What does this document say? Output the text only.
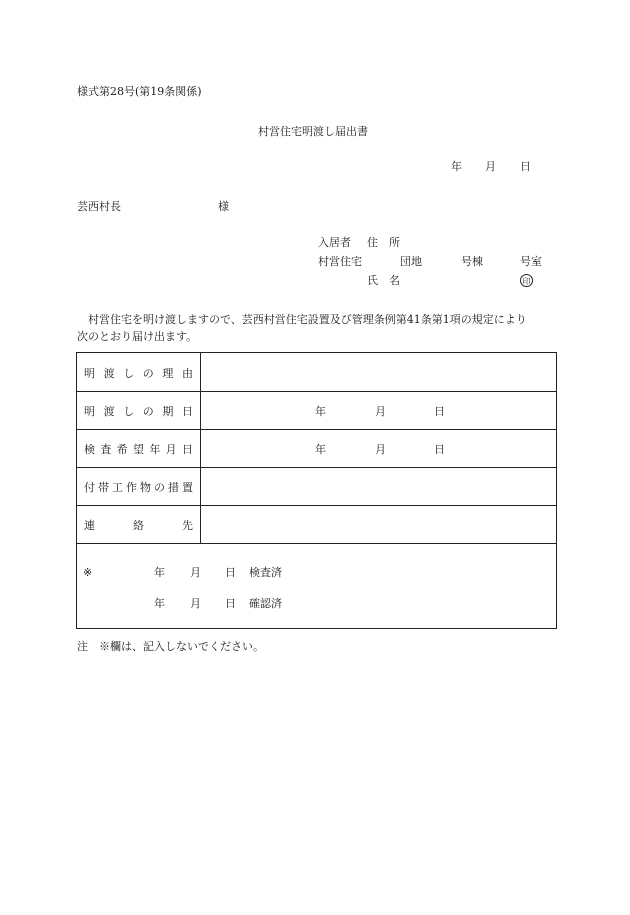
様式第28号(第19条関係)
村営住宅明渡し届出書
年 月 日
芸西村長	様
入居者 住　所
村営住宅	団地	号棟	号室
氏　名	印
村営住宅を明け渡しますので、芸西村営住宅設置及び管理条例第41条第1項の規定により
次のとおり届け出ます。
明 渡 し の 理 由
明 渡 し の 期 日	年	月	日
検 査 希 望 年 月 日	年	月	日
付 帯 工 作 物 の 措 置
連	絡	先
※	年 月 日 検査済
年 月 日 確認済
注　※欄は、記入しないでください。
